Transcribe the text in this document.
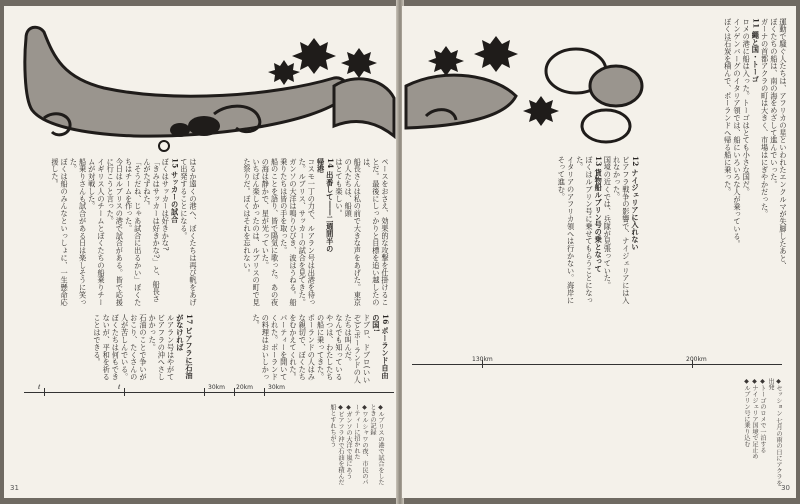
ペースをおさえ、効果的な攻撃を仕掛けることだ。最後にしっかりと目標を追い越したのは、
船長さんは私の前で大きな声をあげた。東京の人たちは、船頭
はとても楽しい。
14 出番して――二週間半の
帰港
コスモ一丁の力で、ルアラン号は出港を待った。ルブリス、サッカーの試合を見てきた。
ガンソの大洋は鳴りひびき、波はうねる。船乗りたちは皆の手を取った。
船のことを語り、皆で陽気に歌った。あの夜の海は静かで、星が光っていた。
いちばん楽しかったのは、ルブリスの町で見た祭りだ。ぼくはそれを忘れない。
はるか遠くの港へ、ぼくたちは再び帆をあげて出発することになる。
15 サッカーの試合
ぼくはサッカーは好きかな?
「きみはサッカーは好きかな?」と、船長さんがたずねた。
「そうだね、じゃあ試合に出るかい」ぼくたちはチームを作った。
今日はルブリスの港で試合がある。皆で応援に行こうと言った。
イギリス人のチームとぼくたちの船乗りチームが対戦した。
船乗りさんも試合がある日は楽しそうに笑った。
ぼくは船のみんなといっしょに、一生懸命応援した。
16 ポーランド自由の国!
ドブロ、ドブロ(いいぞ)とポーランドの人たちは叫んだ。
なんでも知っているやつは、わたしたちの船に乗ってきた。
ポーランドの人はみな親切で、ぼくたちをむかえてくれた。
パーティーを開いてくれた。ポーランドの料理はおいしかった。
17 ビアフラに石油がなければ
ルアラン号はやがてビアフラの沖へさしかかった。
石油のことで争いがおこり、たくさんの人が苦しんでいる。
ぼくたちは何もできないが、平和を祈ることはできる。
ℓ	ℓ	30km 20km	30km
◆ルブリスの港で試合をしたときの記録
◆ワルシャワの夜、市民のパーティーに招かれた
◆ガンソの大洋で嵐にあう
◆ビアフラ沖で石油を積んだ船とすれちがう
31
運動で騒ぐ人たちは、アフリカの星といわれたエンクルマが失脚したあと、
ぼくたちの船は、南の海をめざして進んでいった。
ガーナの首都アクラの町は大きく、市場はにぎやかだった。
11 繩と国・トーゴ
ロメの港に船は入った。トーゴはとても小さな国だ。
インゲンバーグのイタリア領では、船にいろいろな人が乗っている。
ぼくは石炭を積んで、ポーランドへ帰る船に乗った。
12 ナイジェリアに入れない
ビアフラ戦争の影響で、ナイジェリアには入れなかった。
国境の近くでは、兵隊が見張っていた。
13 貨物船ルブリン号の乗となって
ぼくはルブリン号に乗せてもらうことになった。
イタリアのアフリカ領へは行かない。海岸にそって進む。
130km	200km
◆セッション 七月の雨の日にアクラを出発
◆トーゴのロメで一泊する
◆ナイジェリア国境で足止め
◆ルブリン号に乗り込む
30
